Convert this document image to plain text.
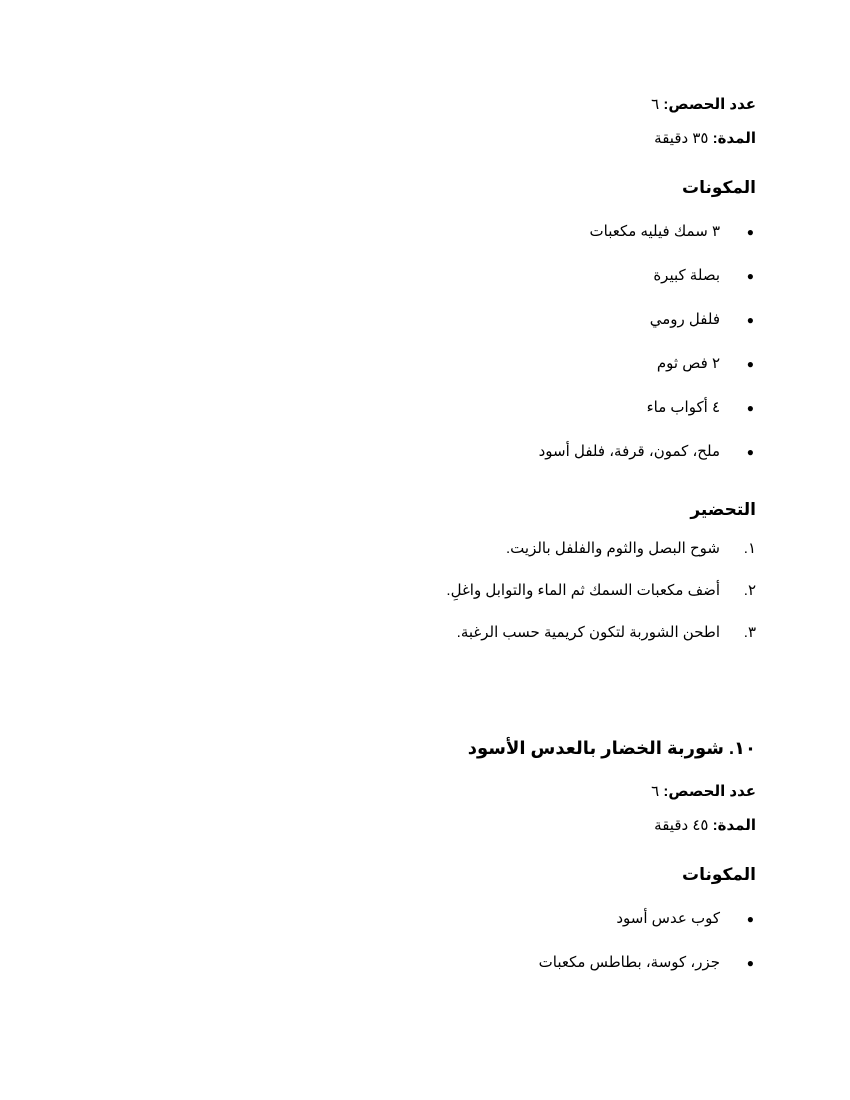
عدد الحصص: ٦
المدة: ٣٥ دقيقة
المكونات
●
٣ سمك فيليه مكعبات
●
بصلة كبيرة
●
فلفل رومي
●
٢ فص ثوم
●
٤ أكواب ماء
●
ملح، كمون، قرفة، فلفل أسود
التحضير
١.
شوح البصل والثوم والفلفل بالزيت.
٢.
أضف مكعبات السمك ثم الماء والتوابل واغلِ.
٣.
اطحن الشوربة لتكون كريمية حسب الرغبة.
١٠. شوربة الخضار بالعدس الأسود
عدد الحصص: ٦
المدة: ٤٥ دقيقة
المكونات
●
كوب عدس أسود
●
جزر، كوسة، بطاطس مكعبات
